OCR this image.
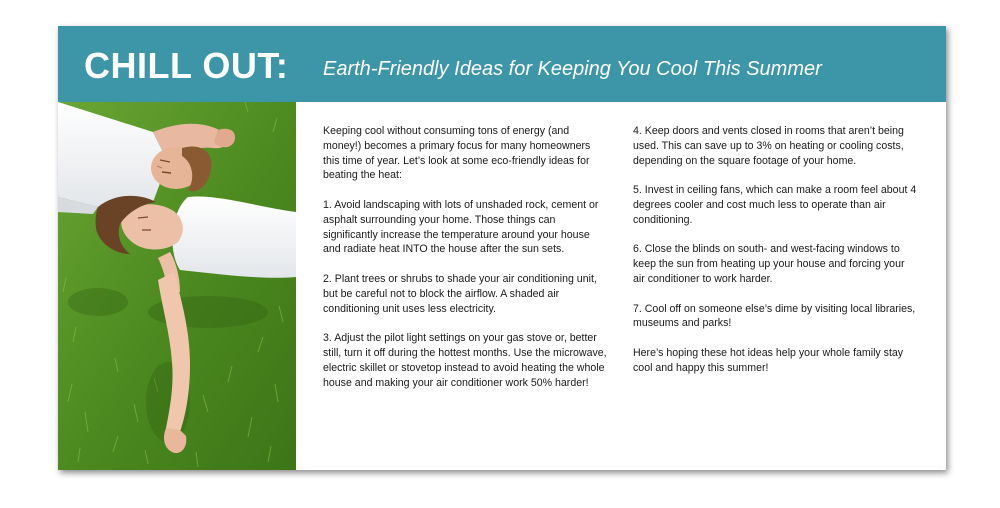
CHILL OUT: Earth-Friendly Ideas for Keeping You Cool This Summer

Keeping cool without consuming tons of energy (and money!) becomes a primary focus for many homeowners this time of year. Let’s look at some eco-friendly ideas for beating the heat:

1. Avoid landscaping with lots of unshaded rock, cement or asphalt surrounding your home. Those things can significantly increase the temperature around your house and radiate heat INTO the house after the sun sets.

2. Plant trees or shrubs to shade your air conditioning unit, but be careful not to block the airflow. A shaded air conditioning unit uses less electricity.

3. Adjust the pilot light settings on your gas stove or, better still, turn it off during the hottest months. Use the microwave, electric skillet or stovetop instead to avoid heating the whole house and making your air conditioner work 50% harder!

4. Keep doors and vents closed in rooms that aren’t being used. This can save up to 3% on heating or cooling costs, depending on the square footage of your home.

5. Invest in ceiling fans, which can make a room feel about 4 degrees cooler and cost much less to operate than air conditioning.

6. Close the blinds on south- and west-facing windows to keep the sun from heating up your house and forcing your air conditioner to work harder.

7. Cool off on someone else’s dime by visiting local libraries, museums and parks!

Here’s hoping these hot ideas help your whole family stay cool and happy this summer!
